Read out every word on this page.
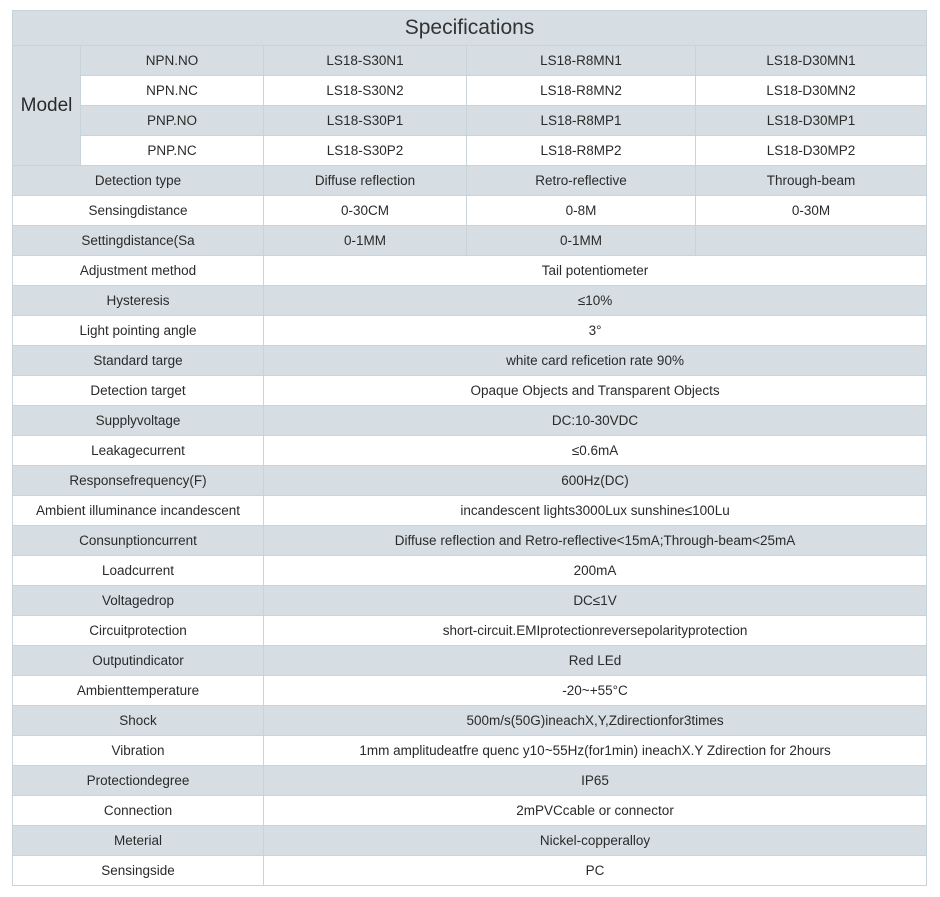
Specifications				
Model	NPN.NO	LS18-S30N1	LS18-R8MN1	LS18-D30MN1
	NPN.NC	LS18-S30N2	LS18-R8MN2	LS18-D30MN2
	PNP.NO	LS18-S30P1	LS18-R8MP1	LS18-D30MP1
	PNP.NC	LS18-S30P2	LS18-R8MP2	LS18-D30MP2
Detection type		Diffuse reflection	Retro-reflective	Through-beam
Sensingdistance		0-30CM	0-8M	0-30M
Settingdistance(Sa		0-1MM	0-1MM	
Adjustment method		Tail potentiometer		
Hysteresis		≤10%		
Light pointing angle		3°		
Standard targe		white card reficetion rate 90%		
Detection target		Opaque Objects and Transparent Objects		
Supplyvoltage		DC:10-30VDC		
Leakagecurrent		≤0.6mA		
Responsefrequency(F)		600Hz(DC)		
Ambient illuminance incandescent		incandescent lights3000Lux sunshine≤100Lu		
Consunptioncurrent		Diffuse reflection and Retro-reflective<15mA;Through-beam<25mA		
Loadcurrent		200mA		
Voltagedrop		DC≤1V		
Circuitprotection		short-circuit.EMIprotectionreversepolarityprotection		
Outputindicator		Red LEd		
Ambienttemperature		-20~+55°C		
Shock		500m/s(50G)ineachX,Y,Zdirectionfor3times		
Vibration		1mm amplitudeatfre quenc y10~55Hz(for1min) ineachX.Y Zdirection for 2hours		
Protectiondegree		IP65		
Connection		2mPVCcable or connector		
Meterial		Nickel-copperalloy		
Sensingside		PC		
